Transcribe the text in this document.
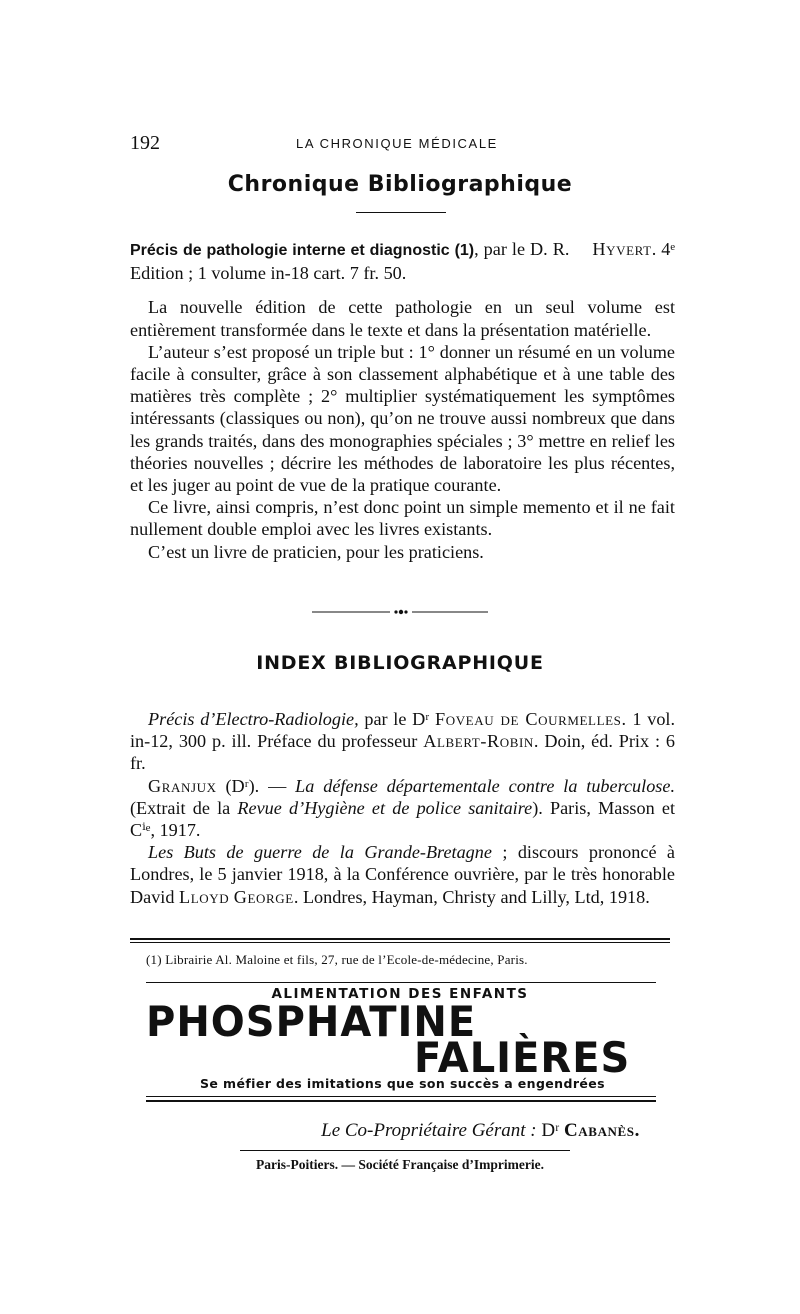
192	LA CHRONIQUE MÉDICALE
Chronique Bibliographique

Précis de pathologie interne et diagnostic (1), par le D. R. Hyvert. 4ᵉ Edition ; 1 volume in-18 cart. 7 fr. 50.

La nouvelle édition de cette pathologie en un seul volume est entièrement transformée dans le texte et dans la présentation matérielle.

L’auteur s’est proposé un triple but : 1° donner un résumé en un volume facile à consulter, grâce à son classement alphabétique et à une table des matières très complète ; 2° multiplier systématiquement les symptômes intéressants (classiques ou non), qu’on ne trouve aussi nombreux que dans les grands traités, dans des monographies spéciales ; 3° mettre en relief les théories nouvelles ; décrire les méthodes de laboratoire les plus récentes, et les juger au point de vue de la pratique courante.

Ce livre, ainsi compris, n’est donc point un simple memento et il ne fait nullement double emploi avec les livres existants.

C’est un livre de praticien, pour les praticiens.

INDEX BIBLIOGRAPHIQUE

Précis d’Electro-Radiologie, par le Dʳ Foveau de Courmelles. 1 vol. in-12, 300 p. ill. Préface du professeur Albert-Robin. Doin, éd. Prix : 6 fr.

Granjux (Dʳ). — La défense départementale contre la tuberculose. (Extrait de la Revue d’Hygiène et de police sanitaire). Paris, Masson et Cⁱᵉ, 1917.

Les Buts de guerre de la Grande-Bretagne ; discours prononcé à Londres, le 5 janvier 1918, à la Conférence ouvrière, par le très honorable David Lloyd George. Londres, Hayman, Christy and Lilly, Ltd, 1918.

(1) Librairie Al. Maloine et fils, 27, rue de l’Ecole-de-médecine, Paris.
ALIMENTATION DES ENFANTS
PHOSPHATINE
FALIÈRES
Se méfier des imitations que son succès a engendrées
Le Co-Propriétaire Gérant : Dʳ Cabanès.
Paris-Poitiers. — Société Française d’Imprimerie.
